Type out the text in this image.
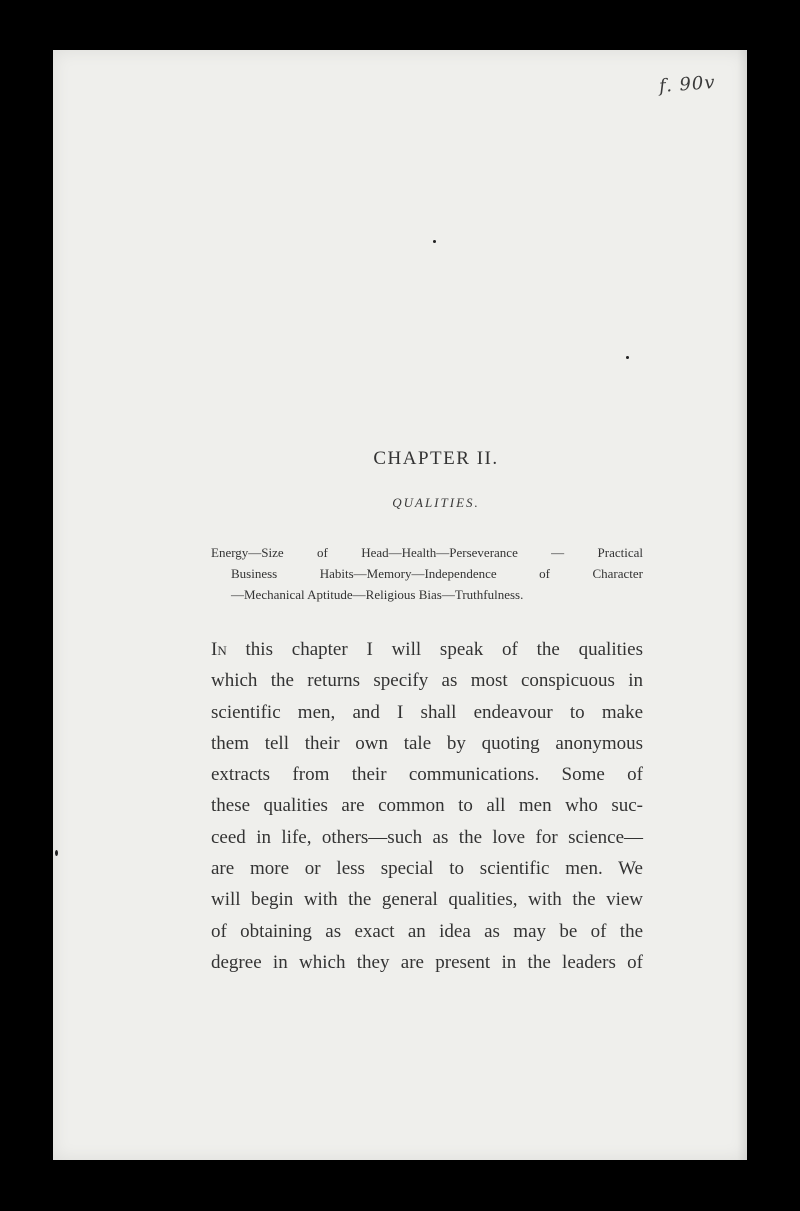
f. 90v
CHAPTER II.
QUALITIES.
Energy—Size of Head—Health—Perseverance — Practical
Business Habits—Memory—Independence of Character
—Mechanical Aptitude—Religious Bias—Truthfulness.
In this chapter I will speak of the qualities
which the returns specify as most conspicuous in
scientific men, and I shall endeavour to make
them tell their own tale by quoting anonymous
extracts from their communications. Some of
these qualities are common to all men who suc-
ceed in life, others—such as the love for science—
are more or less special to scientific men. We
will begin with the general qualities, with the view
of obtaining as exact an idea as may be of the
degree in which they are present in the leaders of
